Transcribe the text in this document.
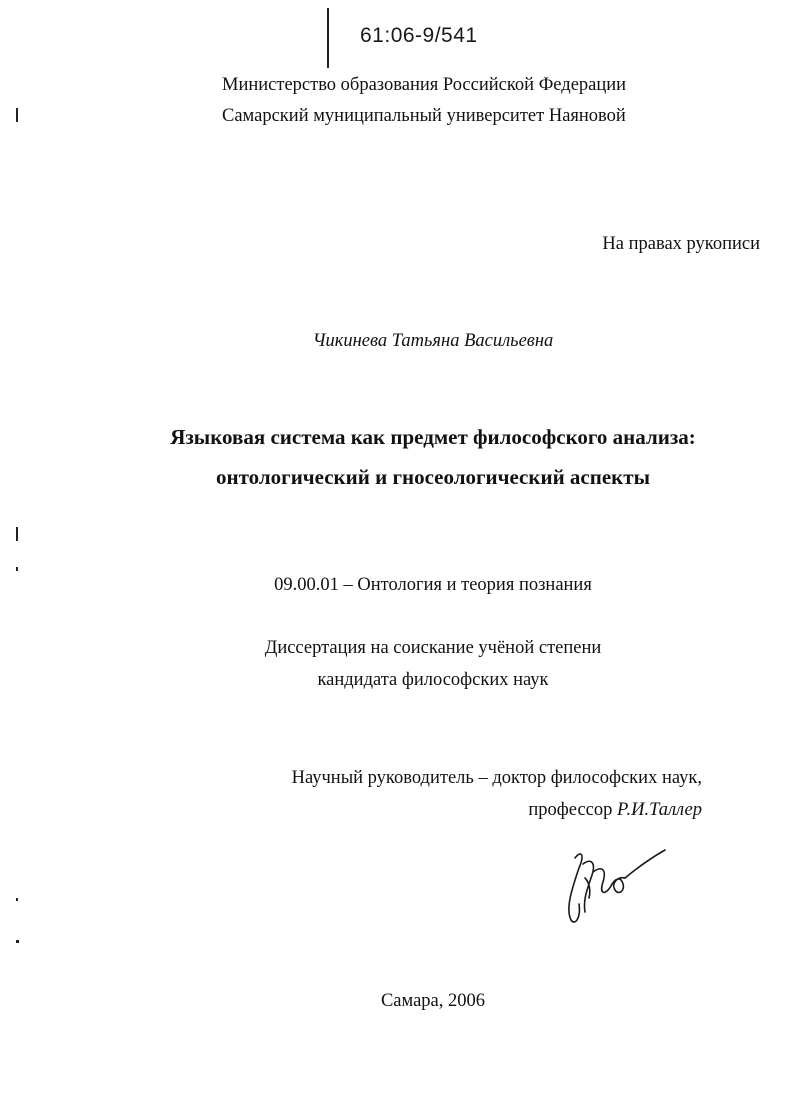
61:06-9/541
Министерство образования Российской Федерации
Самарский муниципальный университет Наяновой
На правах рукописи
Чикинева Татьяна Васильевна
Языковая система как предмет философского анализа:
онтологический и гносеологический аспекты
09.00.01 – Онтология и теория познания
Диссертация на соискание учёной степени
кандидата философских наук
Научный руководитель – доктор философских наук,
профессор Р.И.Таллер
Самара, 2006
